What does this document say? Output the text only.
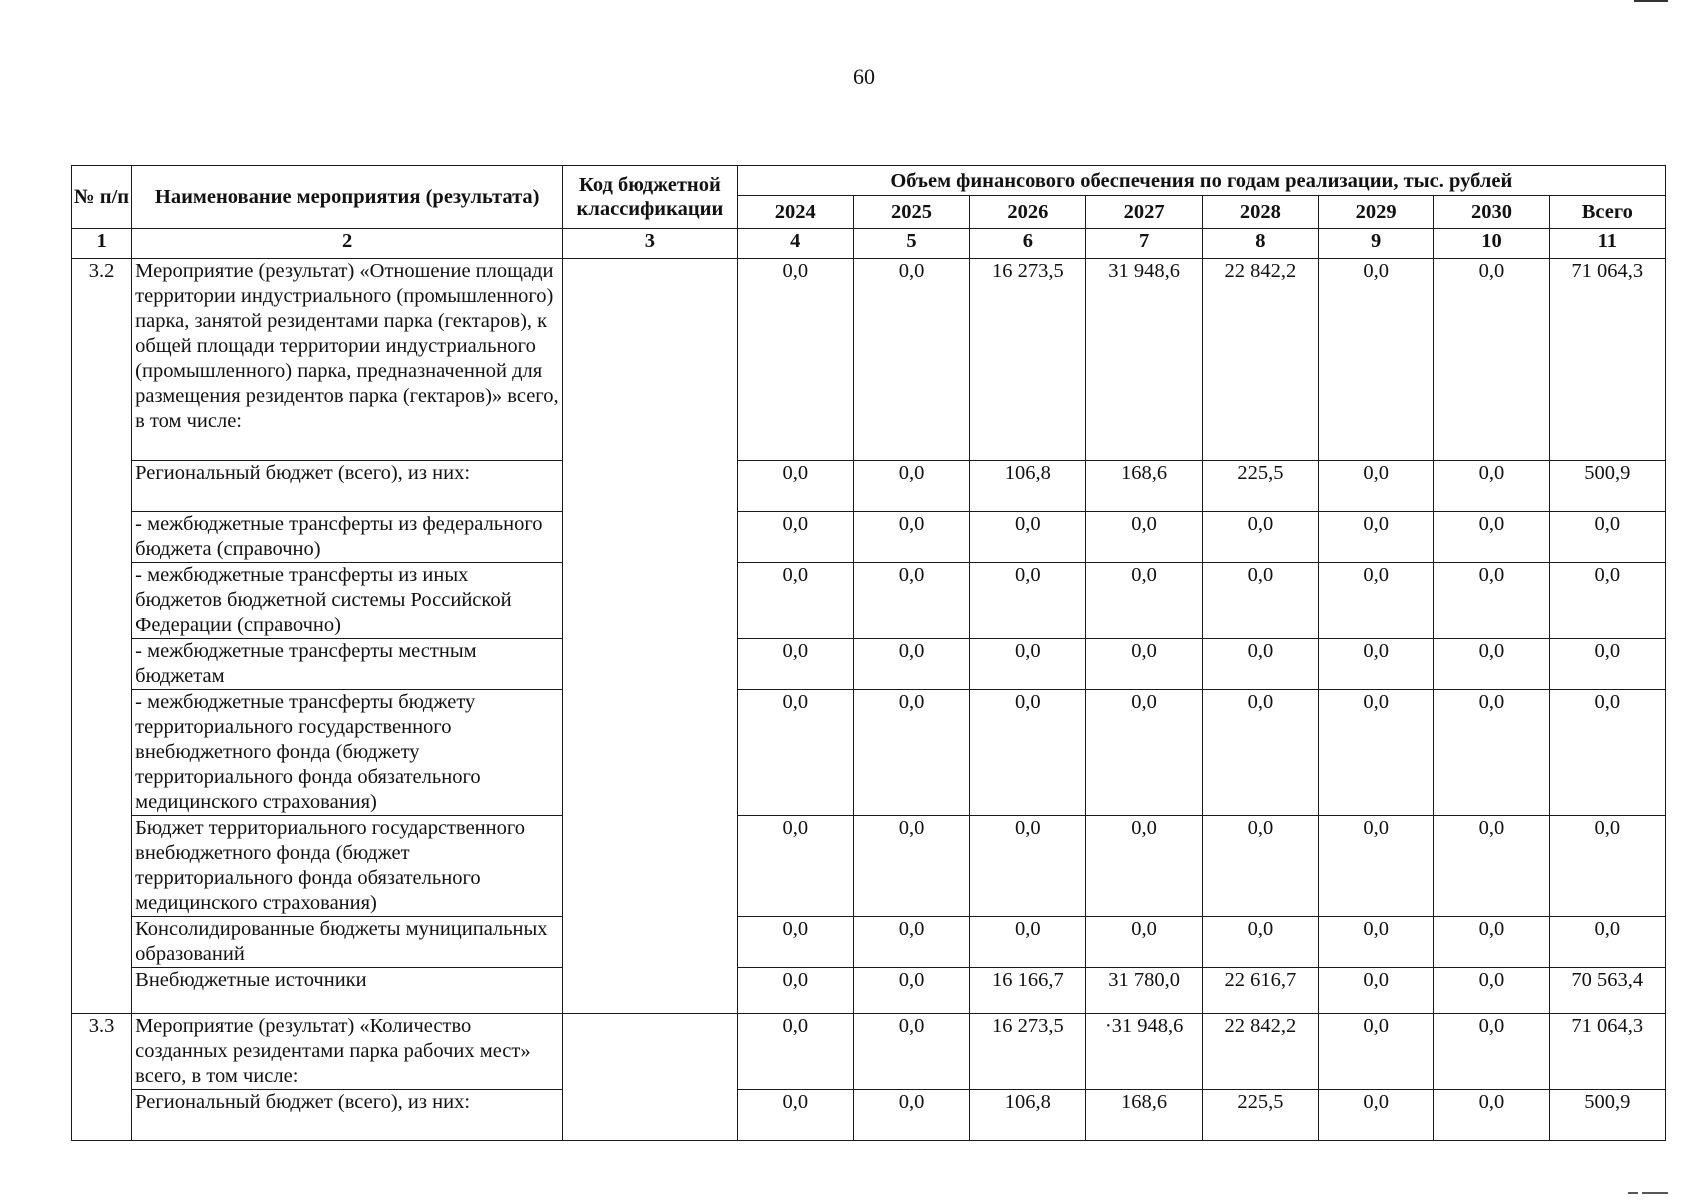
60
№ п/п	Наименование мероприятия (результата)	Код бюджетной классификации	Объем финансового обеспечения по годам реализации, тыс. рублей							
			2024	2025	2026	2027	2028	2029	2030	Всего
1	2	3	4	5	6	7	8	9	10	11
3.2	Мероприятие (результат) «Отношение площади территории индустриального (промышленного) парка, занятой резидентами парка (гектаров), к общей площади территории индустриального (промышленного) парка, предназначенной для размещения резидентов парка (гектаров)» всего, в том числе:		0,0	0,0	16 273,5	31 948,6	22 842,2	0,0	0,0	71 064,3
	Региональный бюджет (всего), из них:		0,0	0,0	106,8	168,6	225,5	0,0	0,0	500,9
	- межбюджетные трансферты из федерального бюджета (справочно)		0,0	0,0	0,0	0,0	0,0	0,0	0,0	0,0
	- межбюджетные трансферты из иных бюджетов бюджетной системы Российской Федерации (справочно)		0,0	0,0	0,0	0,0	0,0	0,0	0,0	0,0
	- межбюджетные трансферты местным бюджетам		0,0	0,0	0,0	0,0	0,0	0,0	0,0	0,0
	- межбюджетные трансферты бюджету территориального государственного внебюджетного фонда (бюджету территориального фонда обязательного медицинского страхования)		0,0	0,0	0,0	0,0	0,0	0,0	0,0	0,0
	Бюджет территориального государственного внебюджетного фонда (бюджет территориального фонда обязательного медицинского страхования)		0,0	0,0	0,0	0,0	0,0	0,0	0,0	0,0
	Консолидированные бюджеты муниципальных образований		0,0	0,0	0,0	0,0	0,0	0,0	0,0	0,0
	Внебюджетные источники		0,0	0,0	16 166,7	31 780,0	22 616,7	0,0	0,0	70 563,4
3.3	Мероприятие (результат) «Количество созданных резидентами парка рабочих мест» всего, в том числе:		0,0	0,0	16 273,5	·31 948,6	22 842,2	0,0	0,0	71 064,3
	Региональный бюджет (всего), из них:		0,0	0,0	106,8	168,6	225,5	0,0	0,0	500,9
